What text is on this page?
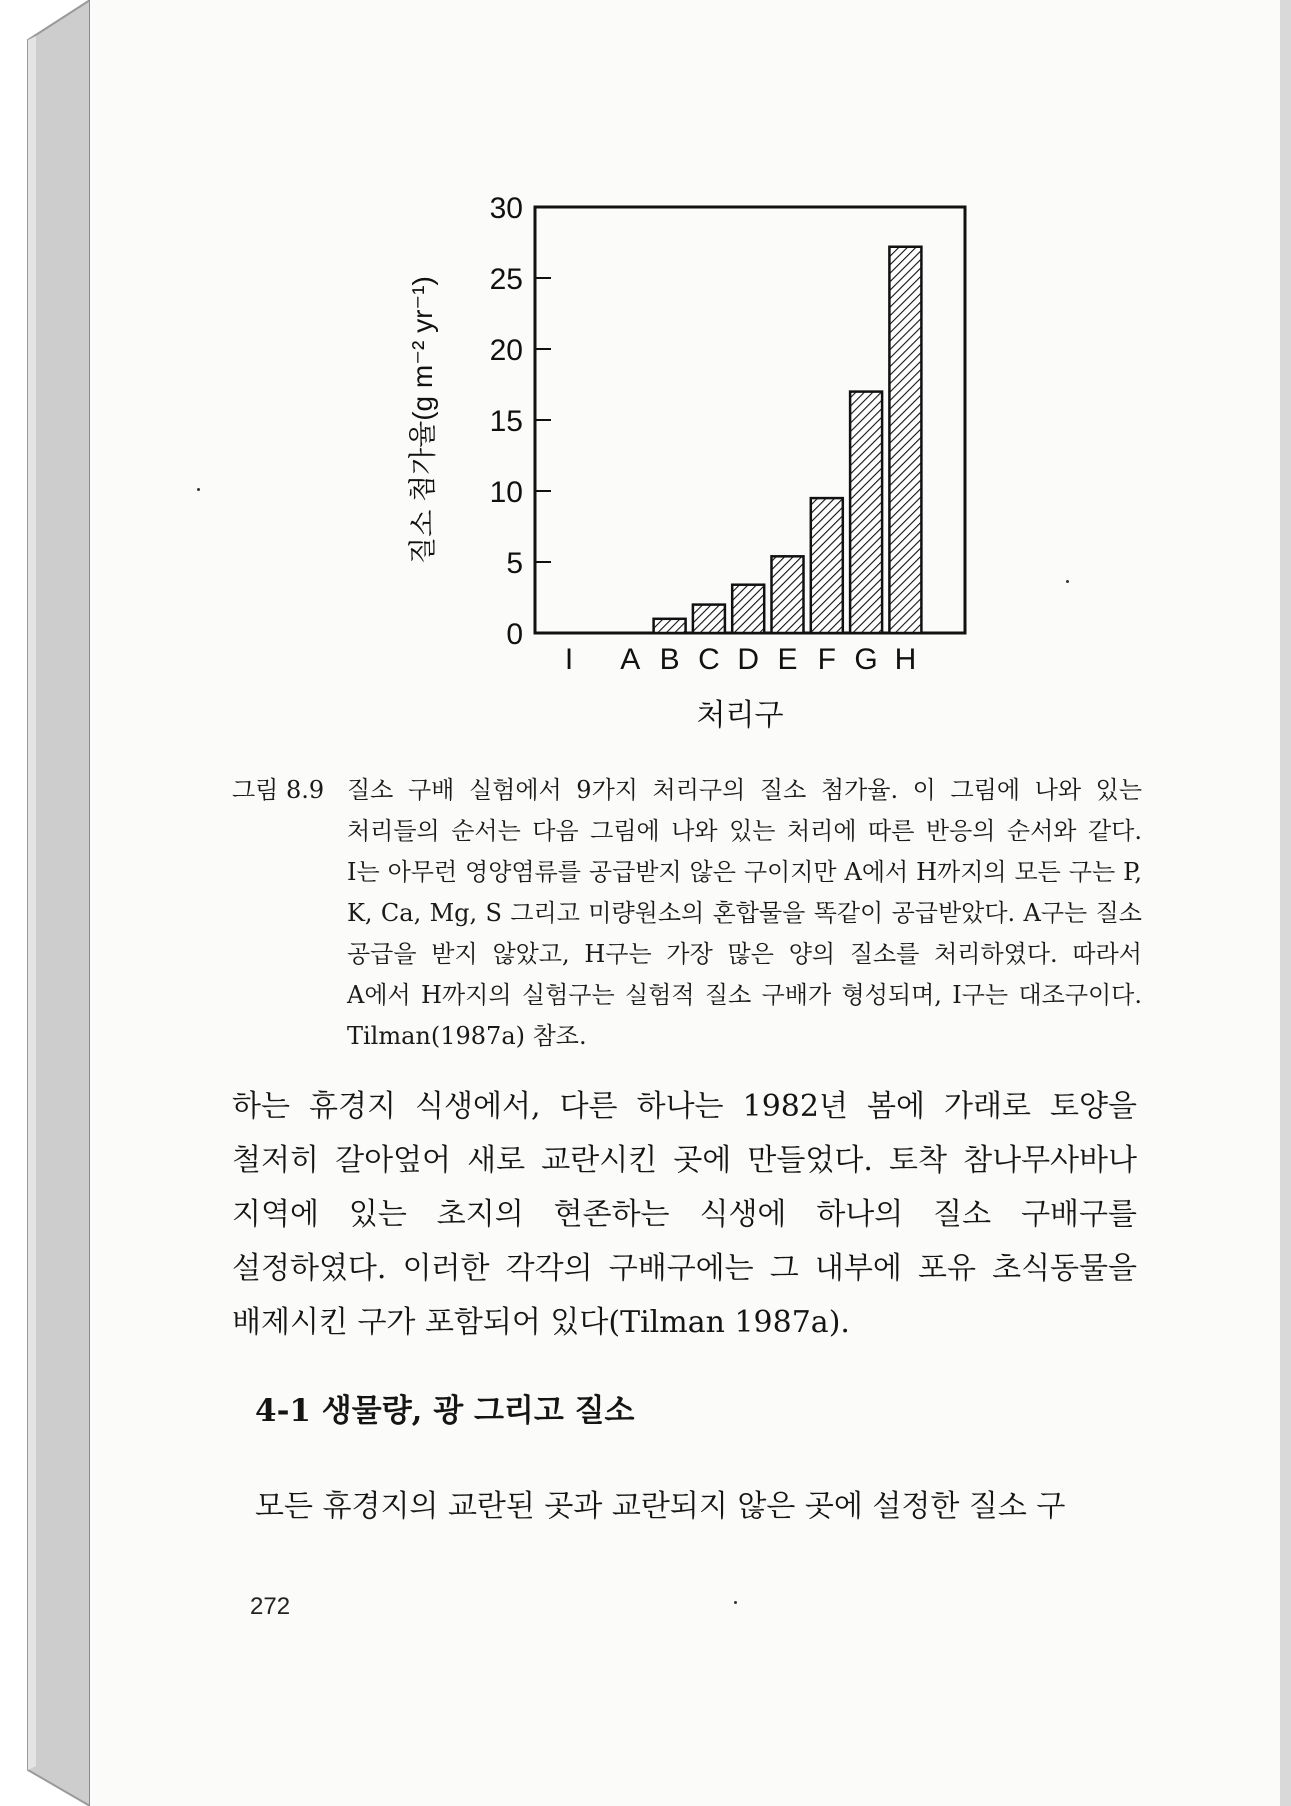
0
5
10
15
20
25
30
I A B C D E F G H
처리구
질소 첨가율(g m⁻² yr⁻¹)
그림 8.9 질소 구배 실험에서 9가지 처리구의 질소 첨가율. 이 그림에 나와 있는 처리들의 순서는 다음 그림에 나와 있는 처리에 따른 반응의 순서와 같다. I는 아무런 영양염류를 공급받지 않은 구이지만 A에서 H까지의 모든 구는 P, K, Ca, Mg, S 그리고 미량원소의 혼합물을 똑같이 공급받았다. A구는 질소 공급을 받지 않았고, H구는 가장 많은 양의 질소를 처리하였다. 따라서 A에서 H까지의 실험구는 실험적 질소 구배가 형성되며, I구는 대조구이다. Tilman(1987a) 참조.
하는 휴경지 식생에서, 다른 하나는 1982년 봄에 가래로 토양을 철저히 갈아엎어 새로 교란시킨 곳에 만들었다. 토착 참나무사바나 지역에 있는 초지의 현존하는 식생에 하나의 질소 구배구를 설정하였다. 이러한 각각의 구배구에는 그 내부에 포유 초식동물을 배제시킨 구가 포함되어 있다(Tilman 1987a).
4-1 생물량, 광 그리고 질소
모든 휴경지의 교란된 곳과 교란되지 않은 곳에 설정한 질소 구
272
